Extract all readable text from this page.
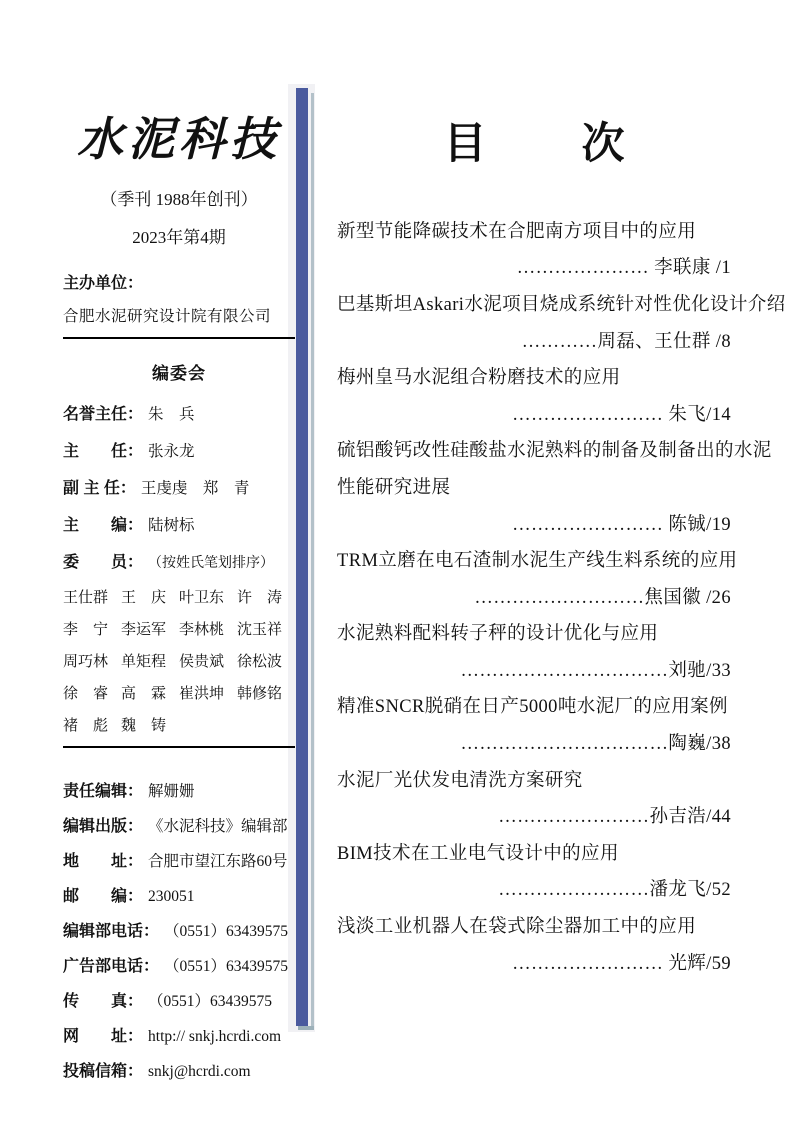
水泥科技
（季刊 1988年创刊）
2023年第4期
主办单位：
合肥水泥研究设计院有限公司
编委会
名誉主任： 朱　兵
主　　任： 张永龙
副 主 任： 王虔虔　郑　青
主　　编： 陆树标
委　　员： （按姓氏笔划排序）
王仕群 王　庆 叶卫东 许　涛
李　宁 李运军 李林桃 沈玉祥
周巧林 单矩程 侯贵斌 徐松波
徐　睿 高　霖 崔洪坤 韩修铭
褚　彪 魏　铸
责任编辑： 解姗姗
编辑出版： 《水泥科技》编辑部
地　　址： 合肥市望江东路60号
邮　　编： 230051
编辑部电话： （0551）63439575
广告部电话： （0551）63439575
传　　真： （0551）63439575
网　　址： http:// snkj.hcrdi.com
投稿信箱： snkj@hcrdi.com
目　次
新型节能降碳技术在合肥南方项目中的应用
………………… 李联康 /1
巴基斯坦Askari水泥项目烧成系统针对性优化设计介绍
…………周磊、王仕群 /8
梅州皇马水泥组合粉磨技术的应用
…………………… 朱飞/14
硫铝酸钙改性硅酸盐水泥熟料的制备及制备出的水泥
性能研究进展
…………………… 陈铖/19
TRM立磨在电石渣制水泥生产线生料系统的应用
………………………焦国徽 /26
水泥熟料配料转子秤的设计优化与应用
……………………………刘驰/33
精准SNCR脱硝在日产5000吨水泥厂的应用案例
……………………………陶巍/38
水泥厂光伏发电清洗方案研究
……………………孙吉浩/44
BIM技术在工业电气设计中的应用
……………………潘龙飞/52
浅淡工业机器人在袋式除尘器加工中的应用
…………………… 光辉/59
